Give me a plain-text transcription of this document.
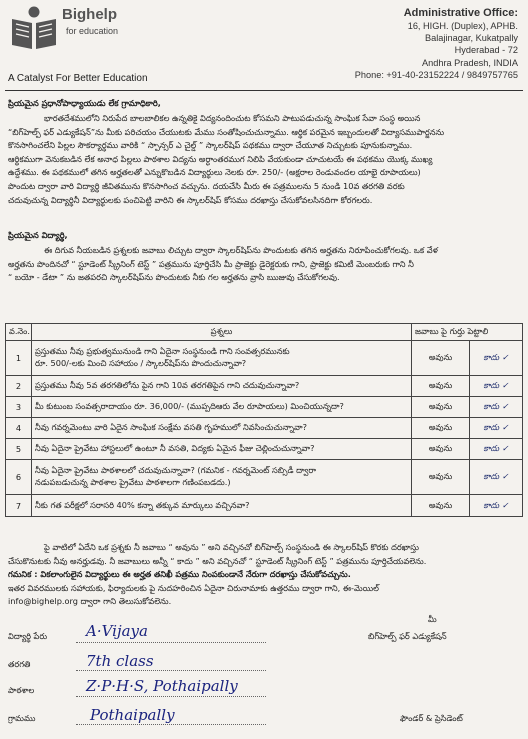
Bighelp
for education
A Catalyst For Better Education
Administrative Office:
16, HIGH. (Duplex), APHB.
Balajinagar, Kukatpally
Hyderabad - 72
Andhra Pradesh, INDIA
Phone: +91-40-23152224 / 9849757765
ప్రియమైన ప్రధానోపాధ్యాయుడు లేక గ్రామాధికారి,
భారతదేశములోని నిరుపేద బాలబాలికల ఉన్నతికై విద్యనందించుట కోసమని పాటుపడుచున్న సాంఘిక సేవా సంస్థ అయిన
“బిగ్‌హెల్ప్ ఫర్ ఎడ్యుకేషన్”ను మీకు పరిచయం చేయుటకు మేము సంతోషించుచున్నాము. ఆర్థిక పరమైన ఇబ్బందులతో విద్యాసముపార్జనను
కొనసాగించలేని పిల్లల సౌకర్యార్థము వారికి “ స్పాన్సర్ ఎ చైల్డ్ ” స్కాలర్‌షిప్ పథకము ద్వారా చేయూత నిచ్చుటకు పూనుకున్నాము.
ఆర్థికముగా వెనుకబడిన లేక అనాధ పిల్లలు పాఠశాల విద్యను అర్ధాంతరముగ నిలిపి వేయకుండా చూచుటయే ఈ పథకము యొక్క ముఖ్య
ఉద్దేశము. ఈ పథకములో తగిన అర్హతలతో ఎన్నుకొబడిన విద్యార్థులు నెలకు రూ. 250/- (అక్షరాల రెండువందల యాభై రూపాయలు)
పొందుట ద్వారా వారి విద్యార్థి జీవితమును కొనసాగించ వచ్చును. దయచేసి మీరు ఈ పత్రములను 5 నుండి 10వ తరగతి వరకు
చదువుచున్న విద్యార్థినీ విద్యార్థులకు పంచిపెట్టి వారిని ఈ స్కాలర్‌షిప్ కోసము దరఖాస్తు చేసుకోవలసినదిగా కోరగలరు.
ప్రియమైన విద్యార్థి,
ఈ దిగువ నీయబడిన ప్రశ్నలకు జవాబు లిచ్చుట ద్వారా స్కాలర్‌షిప్‌ను పొందుటకు తగిన అర్హతను నిరూపించుకోగలవు. ఒక వేళ
అర్హతను పొందినచో “ స్టూడెంట్ స్క్రీనింగ్ టెస్ట్ ” పత్రమును పూర్తిచేసి మీ ప్రాజెక్టు డైరెక్టరుకు గాని, ప్రాజెక్టు కమిటీ మెంబరుకు గాని నీ
“ బయో - డేటా ” ను జతపరచి స్కాలర్‌షిప్‌ను పొందుటకు నీకు గల అర్హతను వ్రాసి ఋజువు చేసుకోగలవు.
వ.నెం.	ప్రశ్నలు	జవాబు పై గుర్తు పెట్టాలి	
1	ప్రస్తుతము నీవు ప్రభుత్వమునుండి గాని ఏదైనా సంస్థనుండి గాని సంవత్సరమునకు
రూ. 500/-లకు మించి సహాయం / స్కాలర్‌షిప్‌ను పొందుచున్నావా?	అవును	కాదు ✓
2	ప్రస్తుతము నీవు 5వ తరగతిలోను పైన గాని 10వ తరగతిపైన గాని చదువుచున్నావా?	అవును	కాదు ✓
3	మీ కుటుంబ సంవత్సరాదాయం రూ. 36,000/- (ముప్పదిఆరు వేల రూపాయలు) మించియున్నదా?	అవును	కాదు ✓
4	నీవు గవర్నమెంటు వారి ఏదైన సాంఘిక సంక్షేమ వసతి గృహములో నివసించుచున్నావా?	అవును	కాదు ✓
5	నీవు ఏదైనా ప్రైవేటు హాస్టలులో ఉంటూ నీ వసతి, విద్యకు ఏమైన ఫీజు చెల్లించుచున్నావా?	అవును	కాదు ✓
6	నీవు ఏదైనా ప్రైవేటు పాఠశాలలో చదువుచున్నావా? (గమనిక - గవర్నమెంట్ సబ్సిడీ ద్వారా
నడుపబడుచున్న పాఠశాల ప్రైవేటు పాఠశాలగా గణింపబడదు.)	అవును	కాదు ✓
7	నీకు గత పరీక్షలో సరాసరి 40% కన్నా తక్కువ మార్కులు వచ్చినవా?	అవును	కాదు ✓
పై వాటిలో ఏదేని ఒక ప్రశ్నకు నీ జవాబు “ అవును ” అని వచ్చినచో బిగ్‌హెల్ప్ సంస్థనుండి ఈ స్కాలర్‌షిప్ కొరకు దరఖాస్తు
చేసుకొనుటకు నీవు అనర్హుడవు. నీ జవాబులు అన్నీ “ కాదు ” అని వచ్చినచో “ స్టూడెంట్ స్క్రీనింగ్ టెస్ట్ ” పత్రమును పూర్తిచేయవలెను.
గమనిక : వికలాంగులైన విద్యార్థులు ఈ అర్హత తనిఖీ పత్రము నింపకుండానే నేరుగా దరఖాస్తు చేసుకోవచ్చును.
ఇతర వివరములకు సహాయకు, ఫిర్యాదులకు పై నుదహరించిన ఏదైనా చిరునామాకు ఉత్తరము ద్వారా గాని, ఈ-మెయిల్
info@bighelp.org ద్వారా గాని తెలుసుకోవలెను.
విద్యార్థి పేరు	A·Vijaya
తరగతి	7th class
పాఠశాల	Z·P·H·S, Pothaipally
గ్రామము	Pothaipally
మీ
బిగ్‌హెల్ప్ ఫర్ ఎడ్యుకేషన్
ఫౌండర్ & ప్రెసిడెంట్
